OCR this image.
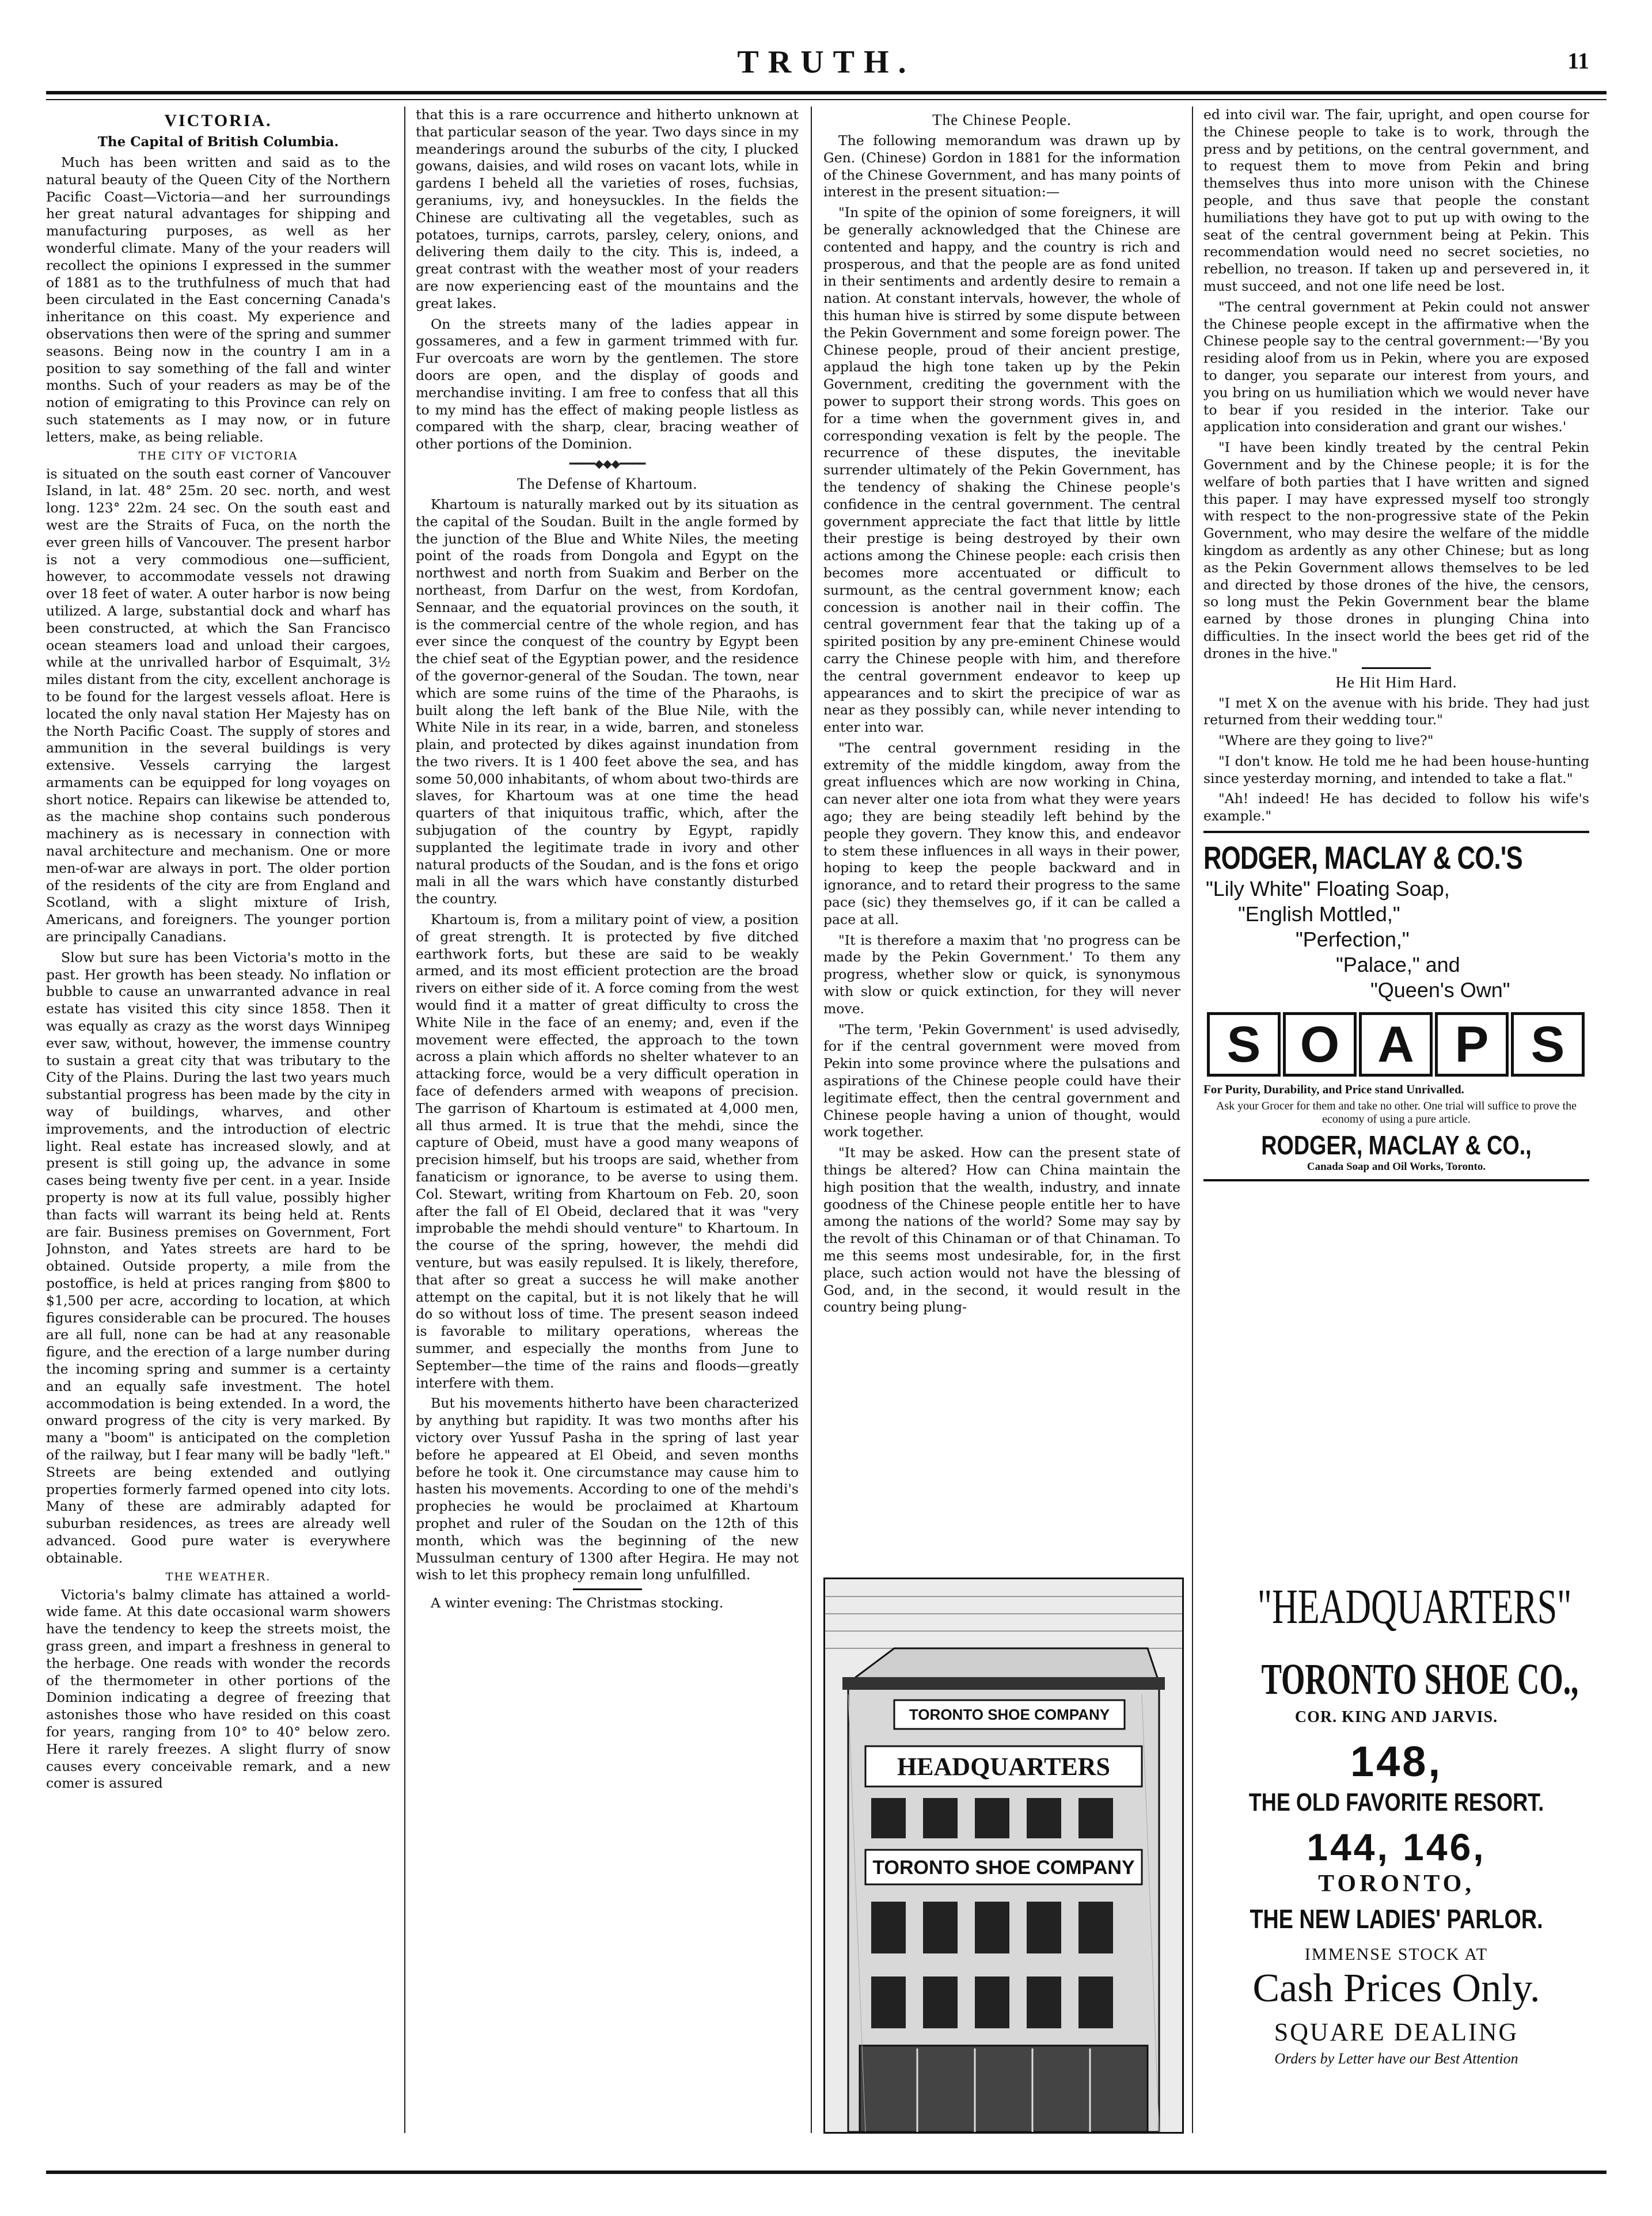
TRUTH.	11
VICTORIA.
The Capital of British Columbia.

Much has been written and said as to the natural beauty of the Queen City of the Northern Pacific Coast—Victoria—and her surroundings her great natural advantages for shipping and manufacturing purposes, as well as her wonderful climate. Many of the your readers will recollect the opinions I expressed in the summer of 1881 as to the truthfulness of much that had been circulated in the East concerning Canada's inheritance on this coast. My experience and observations then were of the spring and summer seasons. Being now in the country I am in a position to say something of the fall and winter months. Such of your readers as may be of the notion of emigrating to this Province can rely on such statements as I may now, or in future letters, make, as being reliable.

THE CITY OF VICTORIA

is situated on the south east corner of Vancouver Island, in lat. 48° 25m. 20 sec. north, and west long. 123° 22m. 24 sec. On the south east and west are the Straits of Fuca, on the north the ever green hills of Vancouver. The present harbor is not a very commodious one—sufficient, however, to accommodate vessels not drawing over 18 feet of water. A outer harbor is now being utilized. A large, substantial dock and wharf has been constructed, at which the San Francisco ocean steamers load and unload their cargoes, while at the unrivalled harbor of Esquimalt, 3½ miles distant from the city, excellent anchorage is to be found for the largest vessels afloat. Here is located the only naval station Her Majesty has on the North Pacific Coast. The supply of stores and ammunition in the several buildings is very extensive. Vessels carrying the largest armaments can be equipped for long voyages on short notice. Repairs can likewise be attended to, as the machine shop contains such ponderous machinery as is necessary in connection with naval architecture and mechanism. One or more men-of-war are always in port. The older portion of the residents of the city are from England and Scotland, with a slight mixture of Irish, Americans, and foreigners. The younger portion are principally Canadians.

Slow but sure has been Victoria's motto in the past. Her growth has been steady. No inflation or bubble to cause an unwarranted advance in real estate has visited this city since 1858. Then it was equally as crazy as the worst days Winnipeg ever saw, without, however, the immense country to sustain a great city that was tributary to the City of the Plains. During the last two years much substantial progress has been made by the city in way of buildings, wharves, and other improvements, and the introduction of electric light. Real estate has increased slowly, and at present is still going up, the advance in some cases being twenty five per cent. in a year. Inside property is now at its full value, possibly higher than facts will warrant its being held at. Rents are fair. Business premises on Government, Fort Johnston, and Yates streets are hard to be obtained. Outside property, a mile from the postoffice, is held at prices ranging from $800 to $1,500 per acre, according to location, at which figures considerable can be procured. The houses are all full, none can be had at any reasonable figure, and the erection of a large number during the incoming spring and summer is a certainty and an equally safe investment. The hotel accommodation is being extended. In a word, the onward progress of the city is very marked. By many a "boom" is anticipated on the completion of the railway, but I fear many will be badly "left." Streets are being extended and outlying properties formerly farmed opened into city lots. Many of these are admirably adapted for suburban residences, as trees are already well advanced. Good pure water is everywhere obtainable.

THE WEATHER.

Victoria's balmy climate has attained a world-wide fame. At this date occasional warm showers have the tendency to keep the streets moist, the grass green, and impart a freshness in general to the herbage. One reads with wonder the records of the thermometer in other portions of the Dominion indicating a degree of freezing that astonishes those who have resided on this coast for years, ranging from 10° to 40° below zero. Here it rarely freezes. A slight flurry of snow causes every conceivable remark, and a new comer is assured

that this is a rare occurrence and hitherto unknown at that particular season of the year. Two days since in my meanderings around the suburbs of the city, I plucked gowans, daisies, and wild roses on vacant lots, while in gardens I beheld all the varieties of roses, fuchsias, geraniums, ivy, and honeysuckles. In the fields the Chinese are cultivating all the vegetables, such as potatoes, turnips, carrots, parsley, celery, onions, and delivering them daily to the city. This is, indeed, a great contrast with the weather most of your readers are now experiencing east of the mountains and the great lakes.

On the streets many of the ladies appear in gossameres, and a few in garment trimmed with fur. Fur overcoats are worn by the gentlemen. The store doors are open, and the display of goods and merchandise inviting. I am free to confess that all this to my mind has the effect of making people listless as compared with the sharp, clear, bracing weather of other portions of the Dominion.

━━━━◆◆◆━━━━
The Defense of Khartoum.

Khartoum is naturally marked out by its situation as the capital of the Soudan. Built in the angle formed by the junction of the Blue and White Niles, the meeting point of the roads from Dongola and Egypt on the northwest and north from Suakim and Berber on the northeast, from Darfur on the west, from Kordofan, Sennaar, and the equatorial provinces on the south, it is the commercial centre of the whole region, and has ever since the conquest of the country by Egypt been the chief seat of the Egyptian power, and the residence of the governor-general of the Soudan. The town, near which are some ruins of the time of the Pharaohs, is built along the left bank of the Blue Nile, with the White Nile in its rear, in a wide, barren, and stoneless plain, and protected by dikes against inundation from the two rivers. It is 1 400 feet above the sea, and has some 50,000 inhabitants, of whom about two-thirds are slaves, for Khartoum was at one time the head quarters of that iniquitous traffic, which, after the subjugation of the country by Egypt, rapidly supplanted the legitimate trade in ivory and other natural products of the Soudan, and is the fons et origo mali in all the wars which have constantly disturbed the country.

Khartoum is, from a military point of view, a position of great strength. It is protected by five ditched earthwork forts, but these are said to be weakly armed, and its most efficient protection are the broad rivers on either side of it. A force coming from the west would find it a matter of great difficulty to cross the White Nile in the face of an enemy; and, even if the movement were effected, the approach to the town across a plain which affords no shelter whatever to an attacking force, would be a very difficult operation in face of defenders armed with weapons of precision. The garrison of Khartoum is estimated at 4,000 men, all thus armed. It is true that the mehdi, since the capture of Obeid, must have a good many weapons of precision himself, but his troops are said, whether from fanaticism or ignorance, to be averse to using them. Col. Stewart, writing from Khartoum on Feb. 20, soon after the fall of El Obeid, declared that it was "very improbable the mehdi should venture" to Khartoum. In the course of the spring, however, the mehdi did venture, but was easily repulsed. It is likely, therefore, that after so great a success he will make another attempt on the capital, but it is not likely that he will do so without loss of time. The present season indeed is favorable to military operations, whereas the summer, and especially the months from June to September—the time of the rains and floods—greatly interfere with them.

But his movements hitherto have been characterized by anything but rapidity. It was two months after his victory over Yussuf Pasha in the spring of last year before he appeared at El Obeid, and seven months before he took it. One circumstance may cause him to hasten his movements. According to one of the mehdi's prophecies he would be proclaimed at Khartoum prophet and ruler of the Soudan on the 12th of this month, which was the beginning of the new Mussulman century of 1300 after Hegira. He may not wish to let this prophecy remain long unfulfilled.

A winter evening: The Christmas stocking.

The Chinese People.

The following memorandum was drawn up by Gen. (Chinese) Gordon in 1881 for the information of the Chinese Government, and has many points of interest in the present situation:—

"In spite of the opinion of some foreigners, it will be generally acknowledged that the Chinese are contented and happy, and the country is rich and prosperous, and that the people are as fond united in their sentiments and ardently desire to remain a nation. At constant intervals, however, the whole of this human hive is stirred by some dispute between the Pekin Government and some foreign power. The Chinese people, proud of their ancient prestige, applaud the high tone taken up by the Pekin Government, crediting the government with the power to support their strong words. This goes on for a time when the government gives in, and corresponding vexation is felt by the people. The recurrence of these disputes, the inevitable surrender ultimately of the Pekin Government, has the tendency of shaking the Chinese people's confidence in the central government. The central government appreciate the fact that little by little their prestige is being destroyed by their own actions among the Chinese people: each crisis then becomes more accentuated or difficult to surmount, as the central government know; each concession is another nail in their coffin. The central government fear that the taking up of a spirited position by any pre-eminent Chinese would carry the Chinese people with him, and therefore the central government endeavor to keep up appearances and to skirt the precipice of war as near as they possibly can, while never intending to enter into war.

"The central government residing in the extremity of the middle kingdom, away from the great influences which are now working in China, can never alter one iota from what they were years ago; they are being steadily left behind by the people they govern. They know this, and endeavor to stem these influences in all ways in their power, hoping to keep the people backward and in ignorance, and to retard their progress to the same pace (sic) they themselves go, if it can be called a pace at all.

"It is therefore a maxim that 'no progress can be made by the Pekin Government.' To them any progress, whether slow or quick, is synonymous with slow or quick extinction, for they will never move.

"The term, 'Pekin Government' is used advisedly, for if the central government were moved from Pekin into some province where the pulsations and aspirations of the Chinese people could have their legitimate effect, then the central government and Chinese people having a union of thought, would work together.

"It may be asked. How can the present state of things be altered? How can China maintain the high position that the wealth, industry, and innate goodness of the Chinese people entitle her to have among the nations of the world? Some may say by the revolt of this Chinaman or of that Chinaman. To me this seems most undesirable, for, in the first place, such action would not have the blessing of God, and, in the second, it would result in the country being plung-

ed into civil war. The fair, upright, and open course for the Chinese people to take is to work, through the press and by petitions, on the central government, and to request them to move from Pekin and bring themselves thus into more unison with the Chinese people, and thus save that people the constant humiliations they have got to put up with owing to the seat of the central government being at Pekin. This recommendation would need no secret societies, no rebellion, no treason. If taken up and persevered in, it must succeed, and not one life need be lost.

"The central government at Pekin could not answer the Chinese people except in the affirmative when the Chinese people say to the central government:—'By you residing aloof from us in Pekin, where you are exposed to danger, you separate our interest from yours, and you bring on us humiliation which we would never have to bear if you resided in the interior. Take our application into consideration and grant our wishes.'

"I have been kindly treated by the central Pekin Government and by the Chinese people; it is for the welfare of both parties that I have written and signed this paper. I may have expressed myself too strongly with respect to the non-progressive state of the Pekin Government, who may desire the welfare of the middle kingdom as ardently as any other Chinese; but as long as the Pekin Government allows themselves to be led and directed by those drones of the hive, the censors, so long must the Pekin Government bear the blame earned by those drones in plunging China into difficulties. In the insect world the bees get rid of the drones in the hive."

He Hit Him Hard.

"I met X on the avenue with his bride. They had just returned from their wedding tour."

"Where are they going to live?"

"I don't know. He told me he had been house-hunting since yesterday morning, and intended to take a flat."

"Ah! indeed! He has decided to follow his wife's example."

RODGER, MACLAY & CO.'S
"Lily White" Floating Soap,
"English Mottled,"
"Perfection,"
"Palace," and
"Queen's Own"
S O A P S
For Purity, Durability, and Price stand Unrivalled.
Ask your Grocer for them and take no other. One trial will suffice to prove the economy of using a pure article.
RODGER, MACLAY & CO.,
Canada Soap and Oil Works, Toronto.
TORONTO SHOE COMPANY
HEADQUARTERS
TORONTO SHOE COMPANY
"HEADQUARTERS"
TORONTO SHOE CO.,
COR. KING AND JARVIS.
148,
THE OLD FAVORITE RESORT.
144, 146,
TORONTO,
THE NEW LADIES' PARLOR.
IMMENSE STOCK AT
Cash Prices Only.
SQUARE DEALING
Orders by Letter have our Best Attention
